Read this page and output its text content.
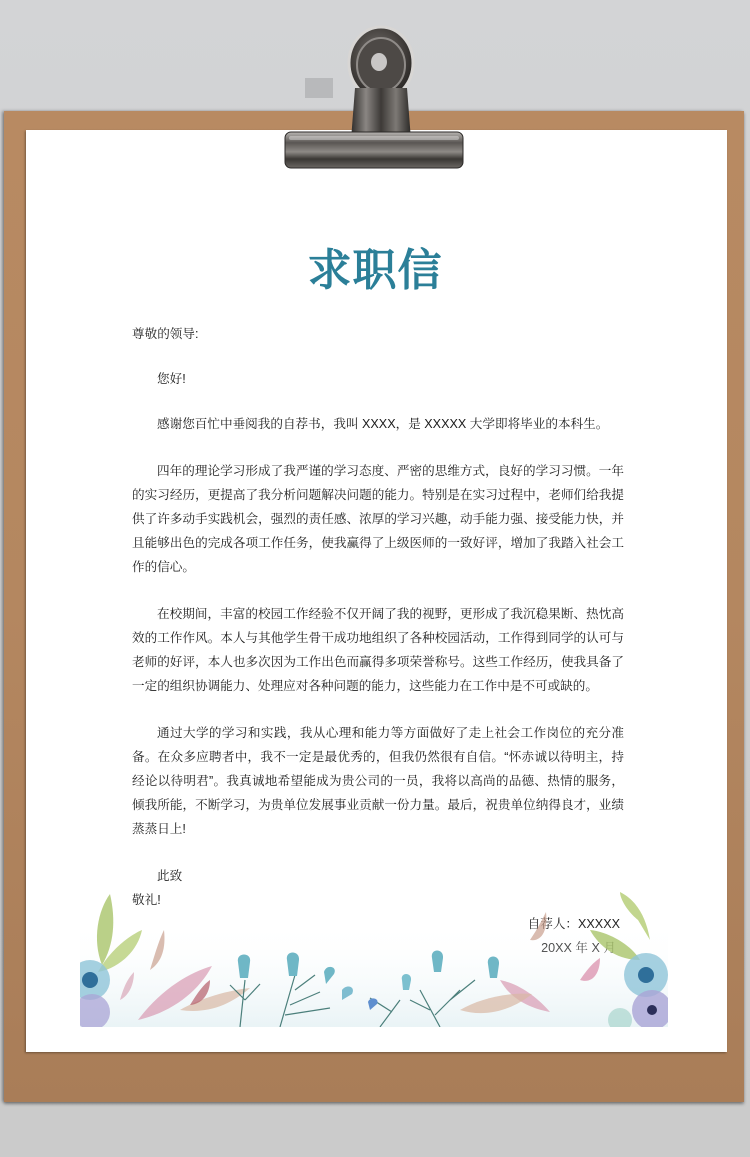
求职信

尊敬的领导:

您好!

感谢您百忙中垂阅我的自荐书，我叫 XXXX，是 XXXXX 大学即将毕业的本科生。

四年的理论学习形成了我严谨的学习态度、严密的思维方式，良好的学习习惯。一年的实习经历，更提高了我分析问题解决问题的能力。特别是在实习过程中，老师们给我提供了许多动手实践机会，强烈的责任感、浓厚的学习兴趣，动手能力强、接受能力快，并且能够出色的完成各项工作任务，使我赢得了上级医师的一致好评，增加了我踏入社会工作的信心。

在校期间，丰富的校园工作经验不仅开阔了我的视野，更形成了我沉稳果断、热忱高效的工作作风。本人与其他学生骨干成功地组织了各种校园活动，工作得到同学的认可与老师的好评，本人也多次因为工作出色而赢得多项荣誉称号。这些工作经历，使我具备了一定的组织协调能力、处理应对各种问题的能力，这些能力在工作中是不可或缺的。

通过大学的学习和实践，我从心理和能力等方面做好了走上社会工作岗位的充分准备。在众多应聘者中，我不一定是最优秀的，但我仍然很有自信。“怀赤诚以待明主，持经论以待明君”。我真诚地希望能成为贵公司的一员，我将以高尚的品德、热情的服务，倾我所能，不断学习，为贵单位发展事业贡献一份力量。最后，祝贵单位纳得良才，业绩蒸蒸日上!

此致

敬礼!
